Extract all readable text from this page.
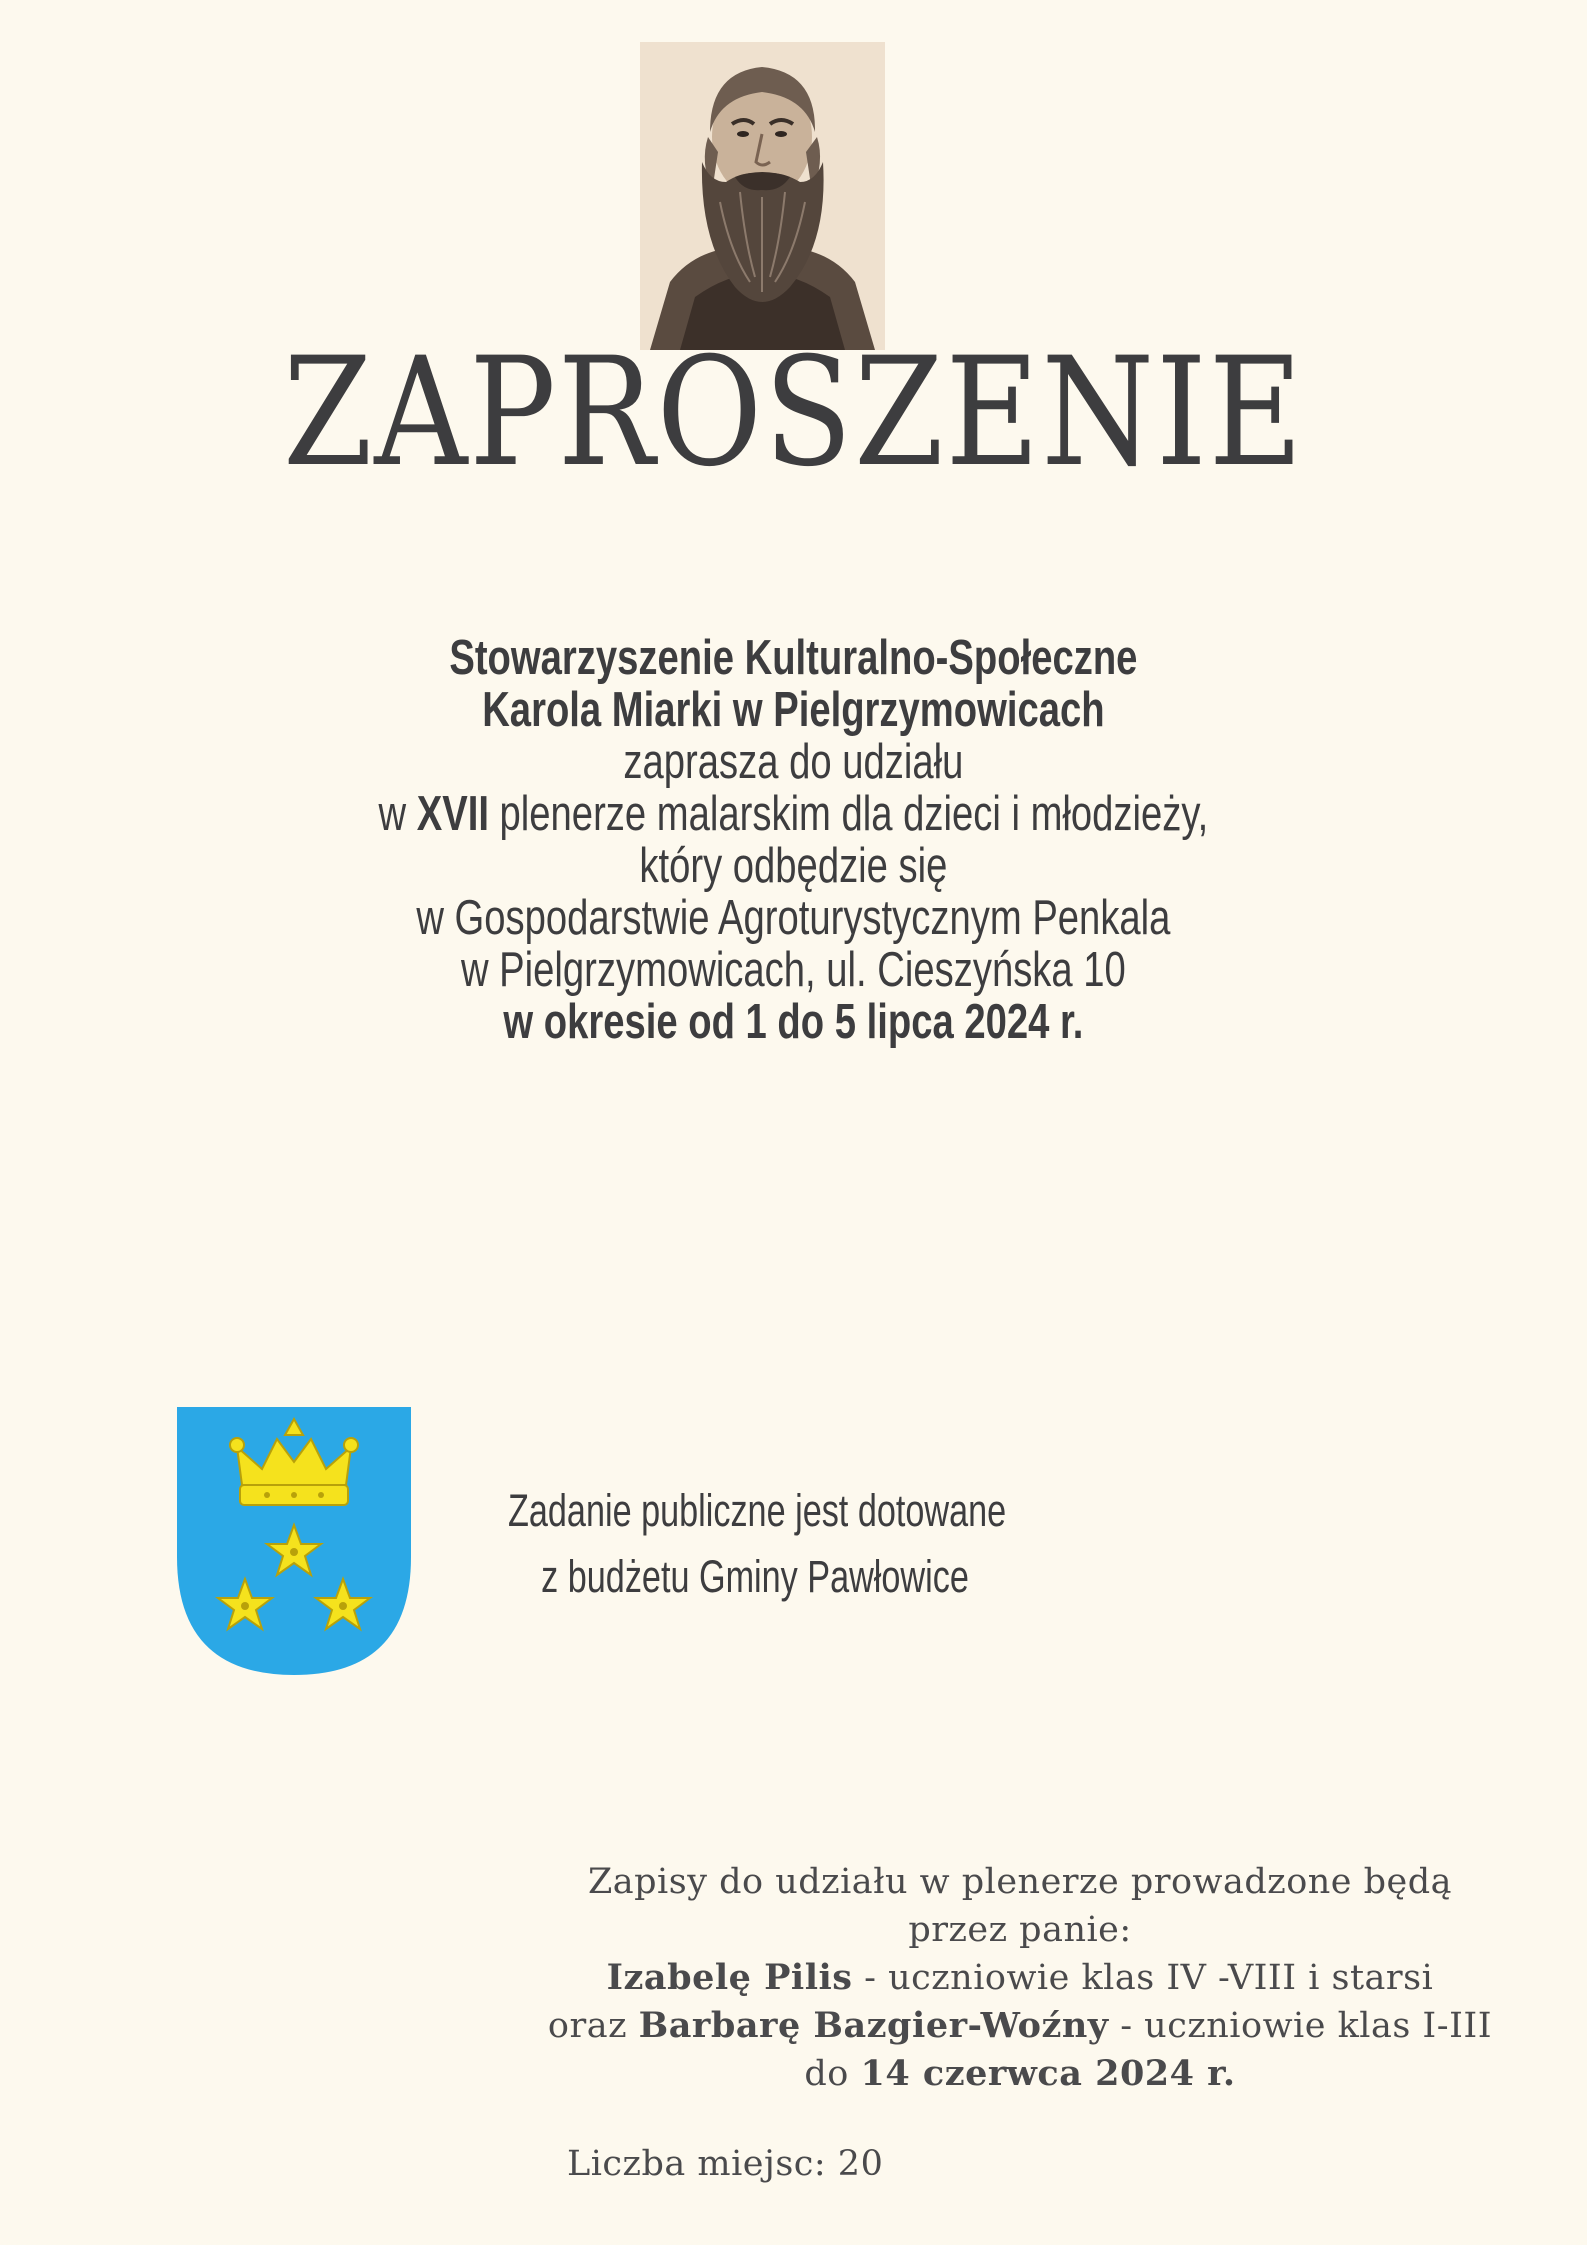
ZAPROSZENIE
Stowarzyszenie Kulturalno-Społeczne
Karola Miarki w Pielgrzymowicach
zaprasza do udziału
w XVII plenerze malarskim dla dzieci i młodzieży,
który odbędzie się
w Gospodarstwie Agroturystycznym Penkala
w Pielgrzymowicach, ul. Cieszyńska 10
w okresie od 1 do 5 lipca 2024 r.
Zadanie publiczne jest dotowane
z budżetu Gminy Pawłowice
Zapisy do udziału w plenerze prowadzone będą
przez panie:
Izabelę Pilis - uczniowie klas IV -VIII i starsi
oraz Barbarę Bazgier-Woźny - uczniowie klas I-III
do 14 czerwca 2024 r.
Liczba miejsc: 20
